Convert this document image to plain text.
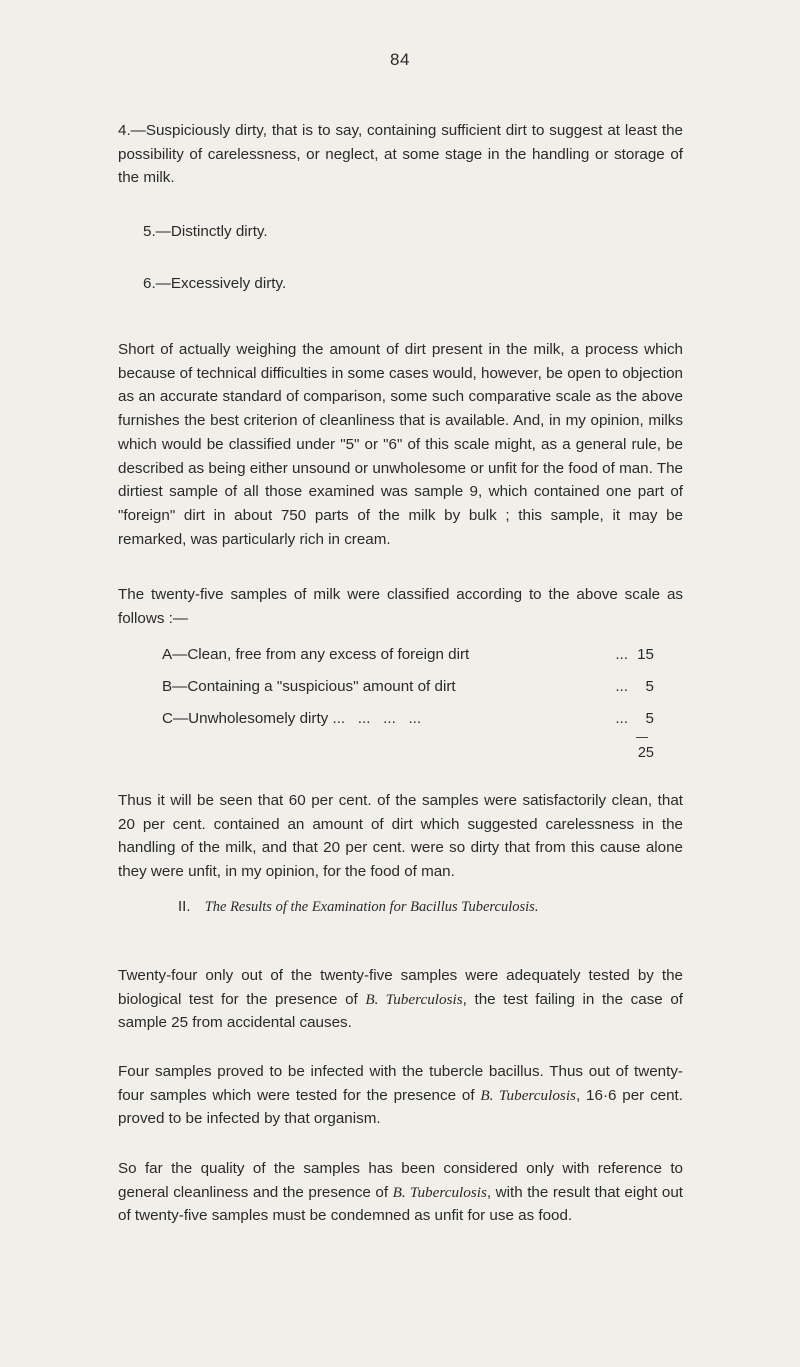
84

4.—Suspiciously dirty, that is to say, containing sufficient dirt to suggest at least the possibility of carelessness, or neglect, at some stage in the handling or storage of the milk.

5.—Distinctly dirty.

6.—Excessively dirty.

Short of actually weighing the amount of dirt present in the milk, a process which because of technical difficulties in some cases would, however, be open to objection as an accurate standard of comparison, some such comparative scale as the above furnishes the best criterion of cleanliness that is available. And, in my opinion, milks which would be classified under "5" or "6" of this scale might, as a general rule, be described as being either unsound or unwholesome or unfit for the food of man. The dirtiest sample of all those examined was sample 9, which contained one part of "foreign" dirt in about 750 parts of the milk by bulk ; this sample, it may be remarked, was particularly rich in cream.

The twenty-five samples of milk were classified according to the above scale as follows :—

A—Clean, free from any excess of foreign dirt	... 15
B—Containing a "suspicious" amount of dirt	...	5
C—Unwholesomely dirty ...   ...   ...   ...	...	5
25

Thus it will be seen that 60 per cent. of the samples were satisfactorily clean, that 20 per cent. contained an amount of dirt which suggested carelessness in the handling of the milk, and that 20 per cent. were so dirty that from this cause alone they were unfit, in my opinion, for the food of man.

II. The Results of the Examination for Bacillus Tuberculosis.

Twenty-four only out of the twenty-five samples were adequately tested by the biological test for the presence of B. Tuberculosis, the test failing in the case of sample 25 from accidental causes.

Four samples proved to be infected with the tubercle bacillus. Thus out of twenty-four samples which were tested for the presence of B. Tuberculosis, 16·6 per cent. proved to be infected by that organism.

So far the quality of the samples has been considered only with reference to general cleanliness and the presence of B. Tuberculosis, with the result that eight out of twenty-five samples must be condemned as unfit for use as food.
